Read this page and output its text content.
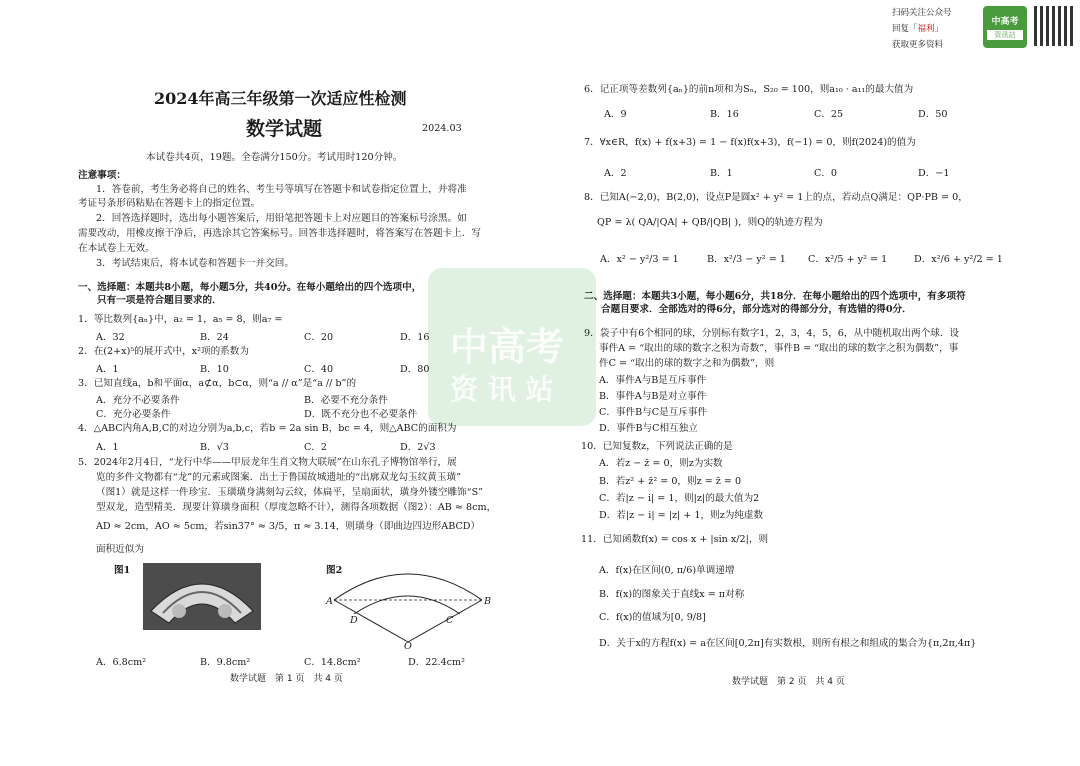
扫码关注公众号
回复「福利」
获取更多资料
中高考
资讯站
中高考
资 讯 站
2024年高三年级第一次适应性检测
数学试题	2024.03
本试卷共4页，19题。全卷满分150分。考试用时120分钟。
注意事项：
1．答卷前，考生务必将自己的姓名、考生号等填写在答题卡和试卷指定位置上，并将准
考证号条形码粘贴在答题卡上的指定位置。
2．回答选择题时，选出每小题答案后，用铅笔把答题卡上对应题目的答案标号涂黑。如
需要改动，用橡皮擦干净后，再选涂其它答案标号。回答非选择题时，将答案写在答题卡上．写
在本试卷上无效。
3．考试结束后，将本试卷和答题卡一并交回。
一、选择题：本题共8小题，每小题5分，共40分。在每小题给出的四个选项中，
只有一项是符合题目要求的．
1．等比数列{aₙ}中，a₂ = 1，a₅ = 8，则a₇ =
A．32	B．24	C．20	D．16
2．在(2+x)⁵的展开式中，x²项的系数为
A．1	B．10	C．40	D．80
3．已知直线a，b和平面α，a⊄α，b⊂α，则“a // α”是“a // b”的
A．充分不必要条件	B．必要不充分条件
C．充分必要条件	D．既不充分也不必要条件
4．△ABC内角A,B,C的对边分别为a,b,c，若b = 2a sin B，bc = 4，则△ABC的面积为
A．1	B．√3	C．2	D．2√3
5．2024年2月4日，“龙行中华——甲辰龙年生肖文物大联展”在山东孔子博物馆举行，展
览的多件文物都有“龙”的元素或图案．出土于鲁国故城遗址的“出廓双龙勾玉纹黄玉璜”
（图1）就是这样一件珍宝．玉璜璜身满刻勾云纹，体扁平，呈扇面状，璜身外镂空雕饰“S”
型双龙，造型精美．现要计算璜身面积（厚度忽略不计），测得各项数据（图2）：AB ≈ 8cm，
AD ≈ 2cm，AO ≈ 5cm，若sin37° ≈ 3/5，π ≈ 3.14，则璜身（即曲边四边形ABCD）
面积近似为
图1	图2
A	B
D	C
O
A．6.8cm²	B．9.8cm²	C．14.8cm²	D．22.4cm²
数学试题　第 1 页　共 4 页
6．记正项等差数列{aₙ}的前n项和为Sₙ，S₂₀ = 100，则a₁₀ · a₁₁的最大值为
A．9	B．16	C．25	D．50
7．∀x∈R，f(x) + f(x+3) = 1 − f(x)f(x+3)，f(−1) = 0，则f(2024)的值为
A．2	B．1	C．0	D．−1
8．已知A(−2,0)，B(2,0)，设点P是圆x² + y² = 1上的点，若动点Q满足：QP·PB = 0，
QP = λ( QA/|QA| + QB/|QB| )，则Q的轨迹方程为
A．x² − y²/3 = 1	B．x²/3 − y² = 1 C．x²/5 + y² = 1	D．x²/6 + y²/2 = 1
二、选择题：本题共3小题，每小题6分，共18分．在每小题给出的四个选项中，有多项符
合题目要求．全部选对的得6分，部分选对的得部分分，有选错的得0分．
9．袋子中有6个相同的球，分别标有数字1，2，3，4，5，6，从中随机取出两个球．设
事件A = “取出的球的数字之积为奇数”，事件B = “取出的球的数字之积为偶数”，事
件C = “取出的球的数字之和为偶数”，则
A．事件A与B是互斥事件
B．事件A与B是对立事件
C．事件B与C是互斥事件
D．事件B与C相互独立
10．已知复数z，下列说法正确的是
A．若z − z̄ = 0，则z为实数
B．若z² + z̄² = 0，则z = z̄ = 0
C．若|z − i| = 1，则|z|的最大值为2
D．若|z − i| = |z| + 1，则z为纯虚数
11．已知函数f(x) = cos x + |sin x/2|，则
A．f(x)在区间(0, π/6)单调递增
B．f(x)的图象关于直线x = π对称
C．f(x)的值域为[0, 9/8]
D．关于x的方程f(x) = a在区间[0,2π]有实数根，则所有根之和组成的集合为{π,2π,4π}
数学试题　第 2 页　共 4 页
